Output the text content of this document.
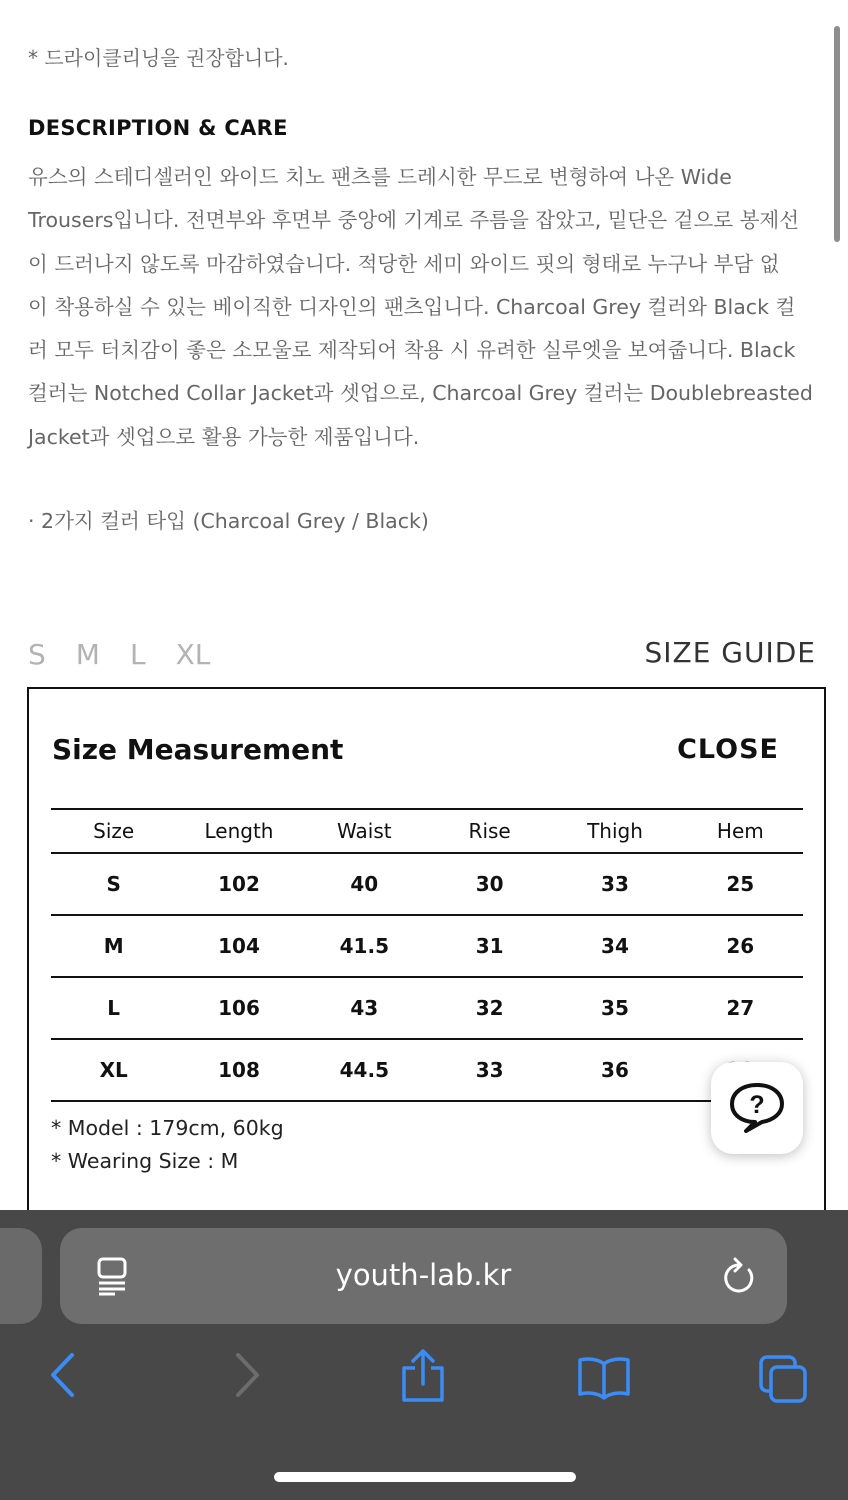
* 드라이클리닝을 권장합니다.
DESCRIPTION & CARE
유스의 스테디셀러인 와이드 치노 팬츠를 드레시한 무드로 변형하여 나온 Wide
Trousers입니다. 전면부와 후면부 중앙에 기계로 주름을 잡았고, 밑단은 겉으로 봉제선
이 드러나지 않도록 마감하였습니다. 적당한 세미 와이드 핏의 형태로 누구나 부담 없
이 착용하실 수 있는 베이직한 디자인의 팬츠입니다. Charcoal Grey 컬러와 Black 컬
러 모두 터치감이 좋은 소모울로 제작되어 착용 시 유려한 실루엣을 보여줍니다. Black
컬러는 Notched Collar Jacket과 셋업으로, Charcoal Grey 컬러는 Doublebreasted
Jacket과 셋업으로 활용 가능한 제품입니다.
· 2가지 컬러 타입 (Charcoal Grey / Black)
S M L XL	SIZE GUIDE
Size Measurement	CLOSE
Size	Length	Waist	Rise	Thigh	Hem
S	102	40	30	33	25
M	104	41.5	31	34	26
L	106	43	32	35	27
XL	108	44.5	33	36	
* Model : 179cm, 60kg
* Wearing Size : M
?
youth-lab.kr
